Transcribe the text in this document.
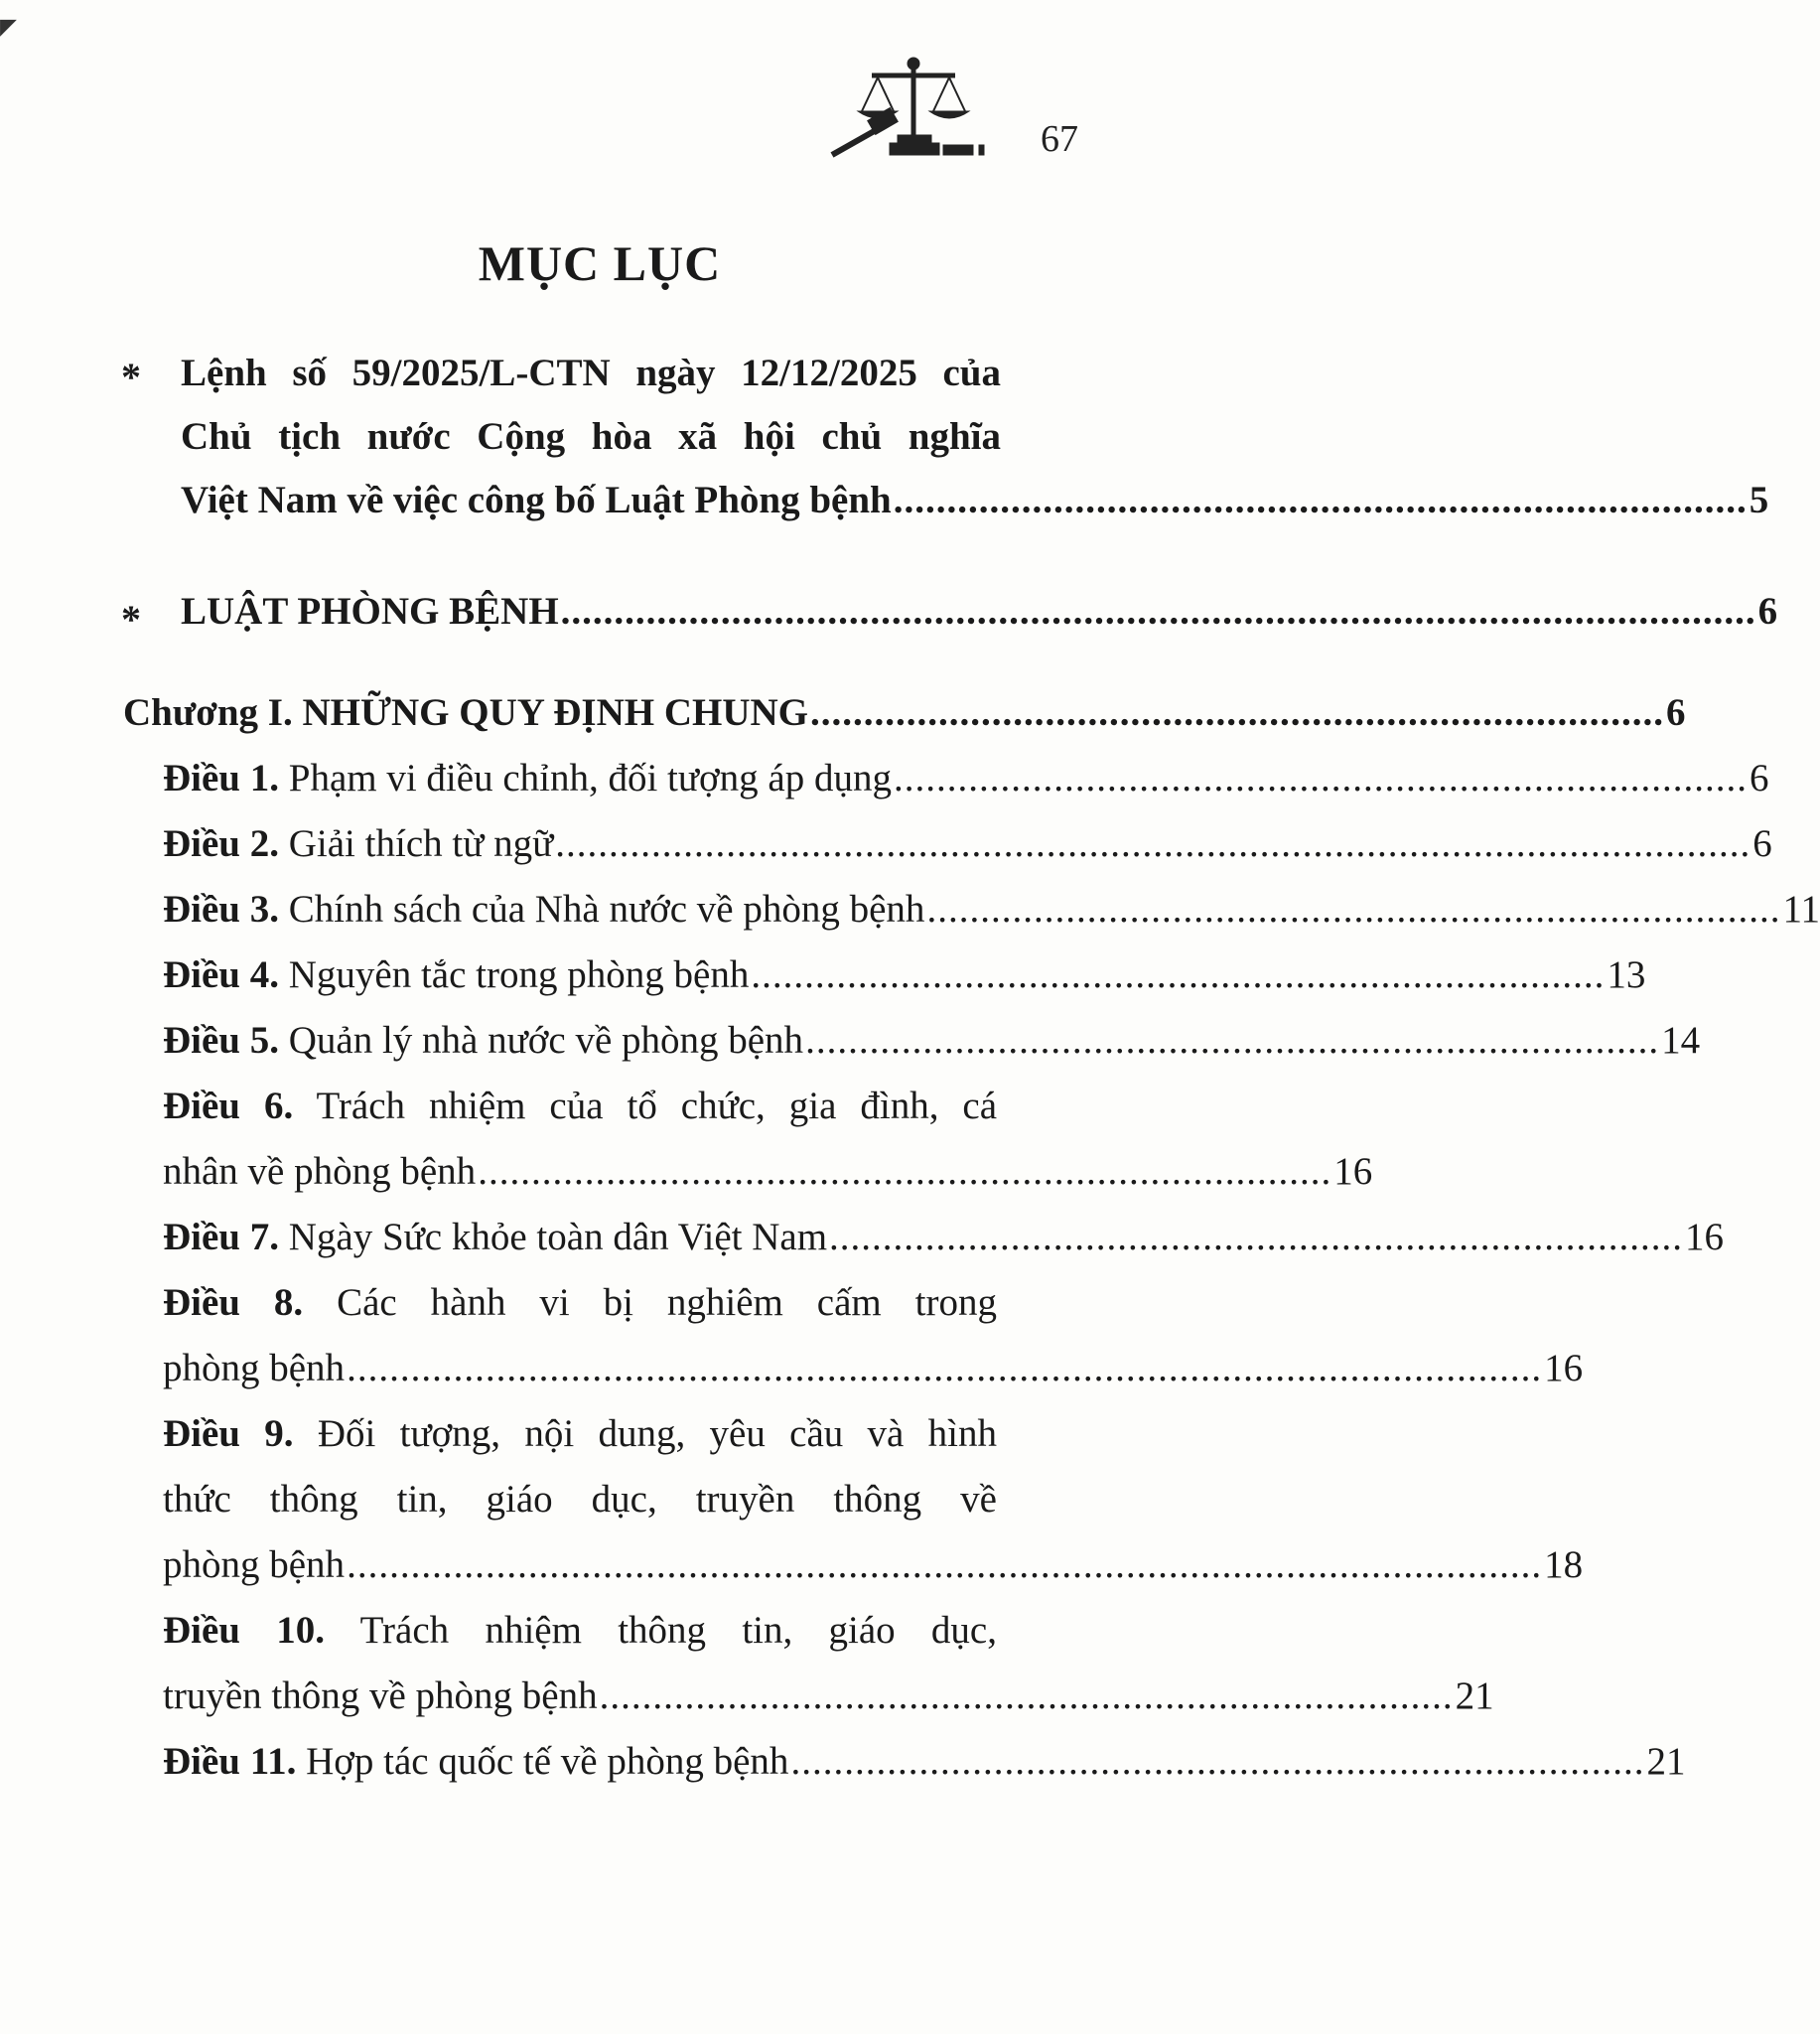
◤
67
MỤC LỤC
* Lệnh số 59/2025/L-CTN ngày 12/12/2025 của
Chủ tịch nước Cộng hòa xã hội chủ nghĩa
Việt Nam về việc công bố Luật Phòng bệnh ................................................................................ 5
* LUẬT PHÒNG BỆNH ................................................................................................................ 6
Chương I. NHỮNG QUY ĐỊNH CHUNG ................................................................................ 6
Điều 1. Phạm vi điều chỉnh, đối tượng áp dụng ................................................................................ 6
Điều 2. Giải thích từ ngữ ................................................................................................................ 6
Điều 3. Chính sách của Nhà nước về phòng bệnh ................................................................................ 11
Điều 4. Nguyên tắc trong phòng bệnh ................................................................................ 13
Điều 5. Quản lý nhà nước về phòng bệnh ................................................................................ 14
Điều 6. Trách nhiệm của tổ chức, gia đình, cá
nhân về phòng bệnh ................................................................................ 16
Điều 7. Ngày Sức khỏe toàn dân Việt Nam ................................................................................ 16
Điều 8. Các hành vi bị nghiêm cấm trong
phòng bệnh ................................................................................................................ 16
Điều 9. Đối tượng, nội dung, yêu cầu và hình
thức thông tin, giáo dục, truyền thông về
phòng bệnh ................................................................................................................ 18
Điều 10. Trách nhiệm thông tin, giáo dục,
truyền thông về phòng bệnh ................................................................................ 21
Điều 11. Hợp tác quốc tế về phòng bệnh ................................................................................ 21
